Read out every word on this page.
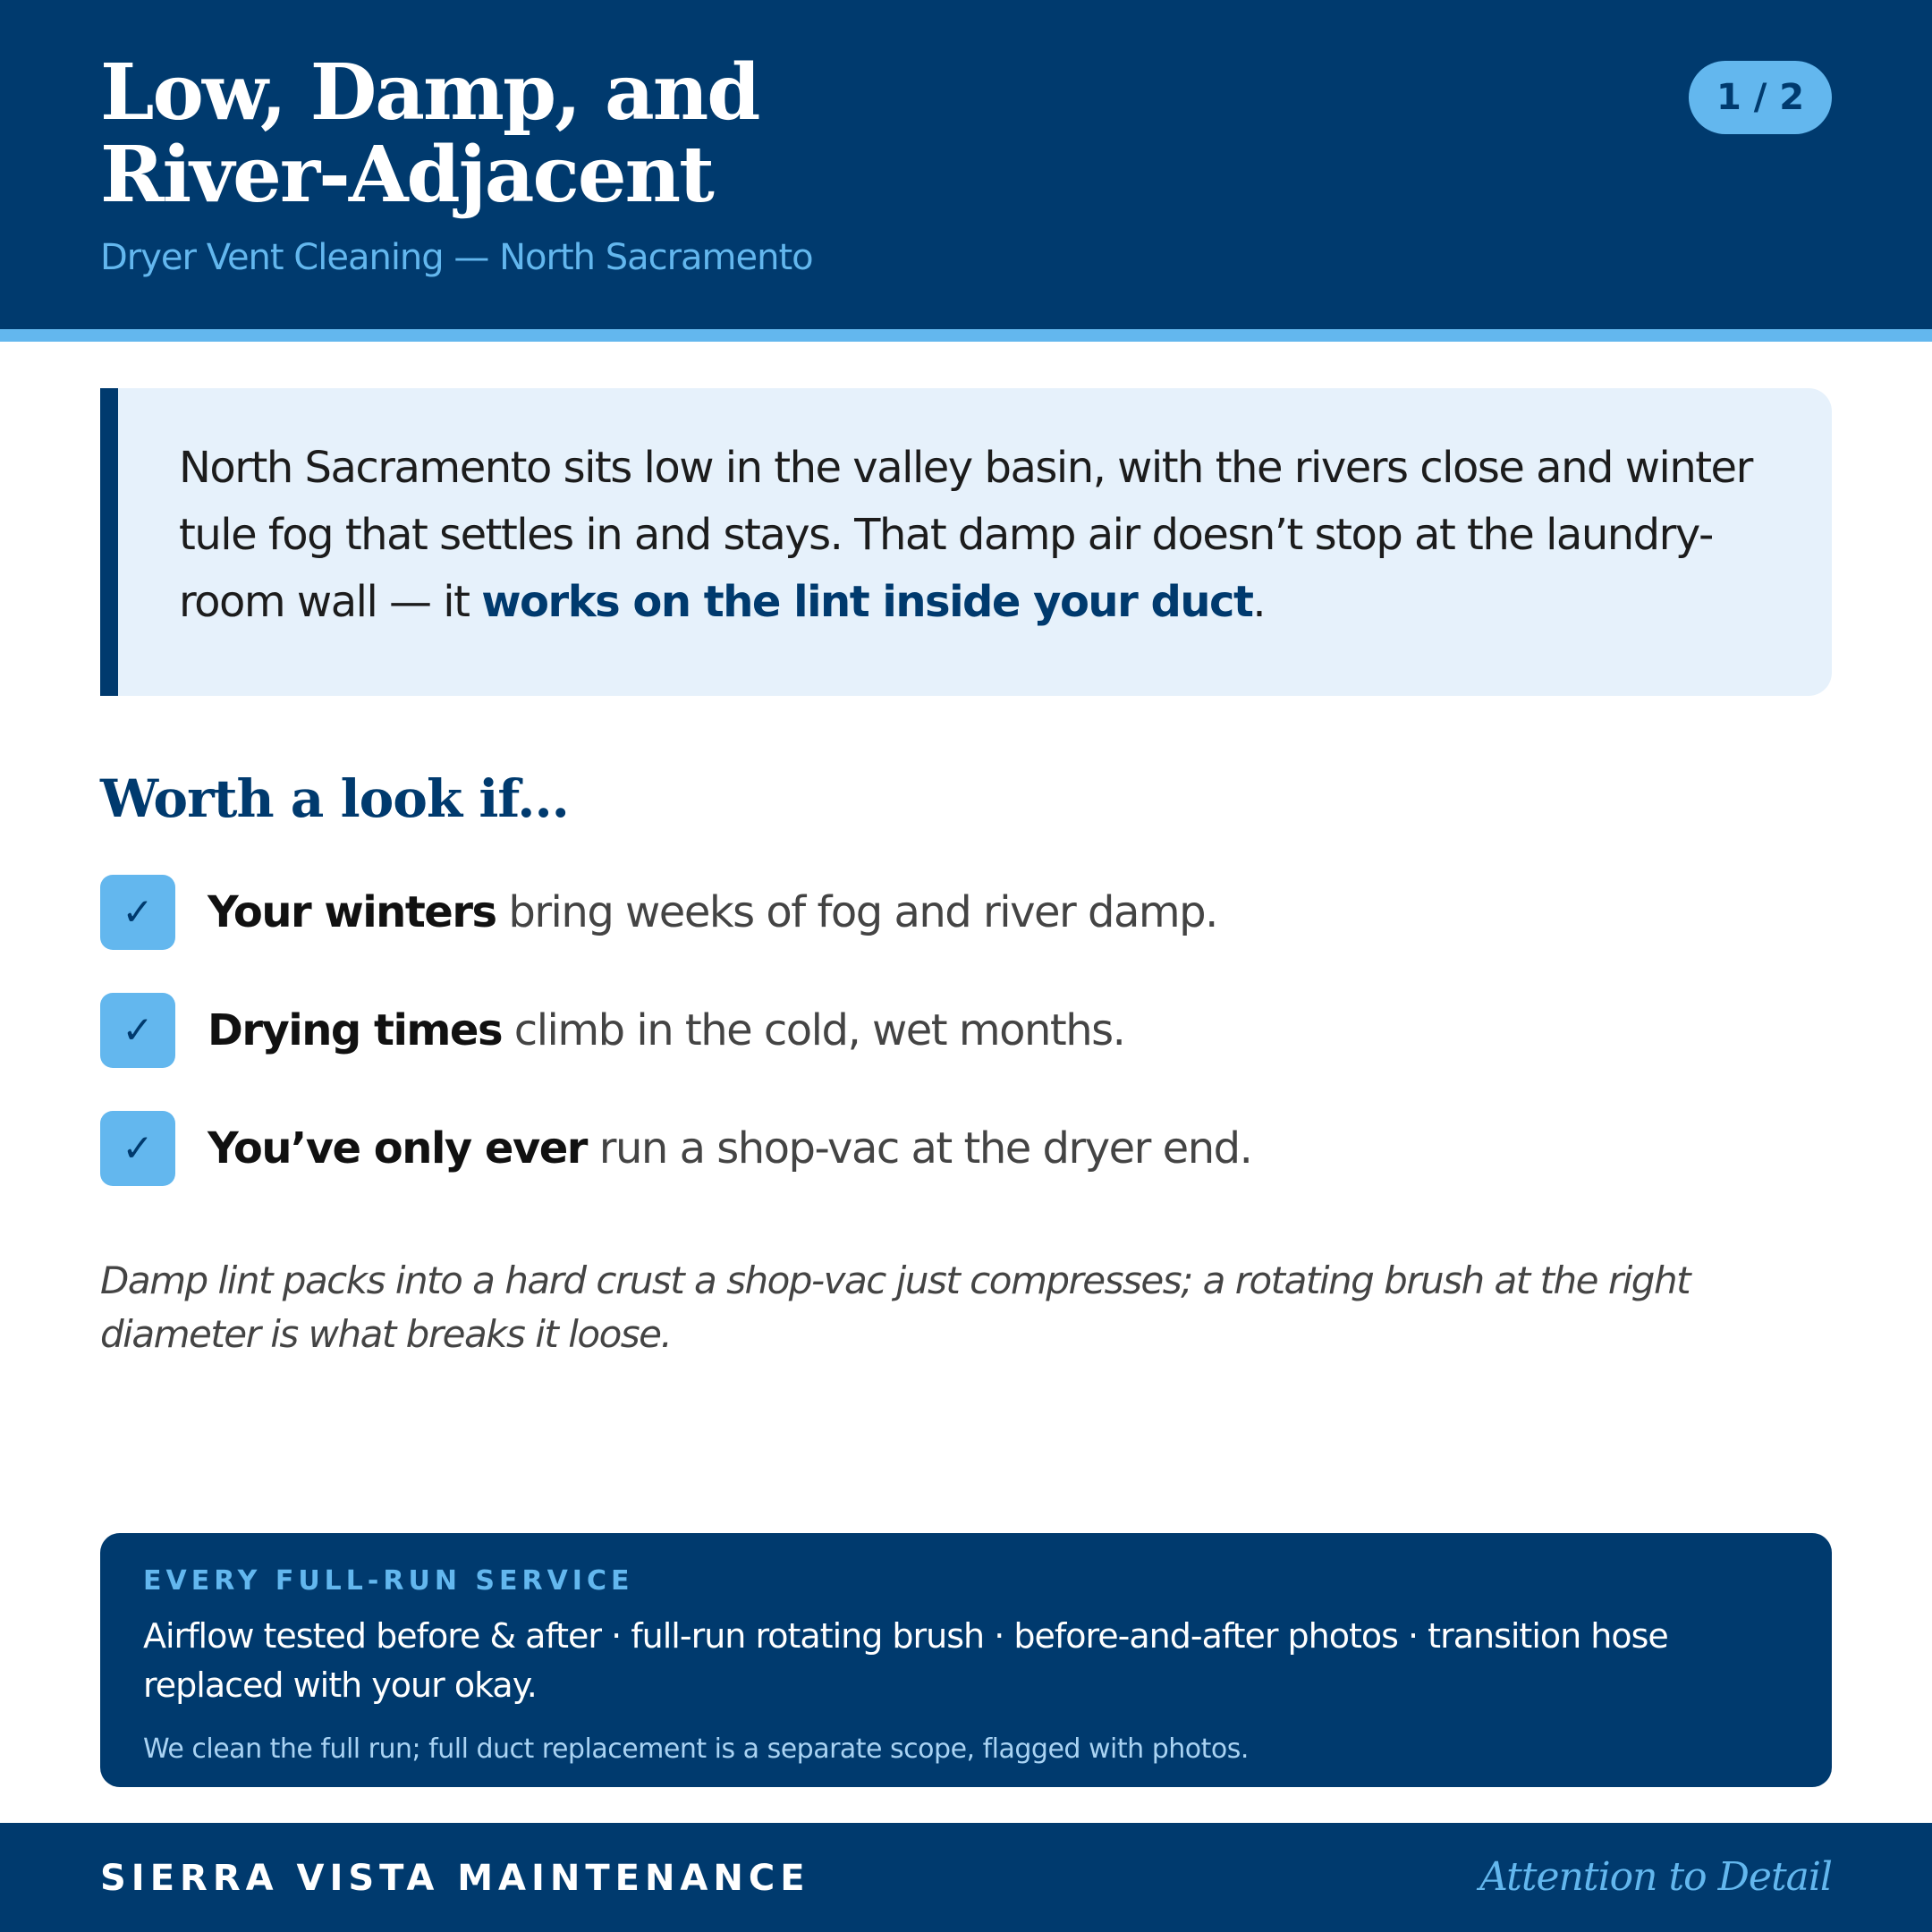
Low, Damp, and
River-Adjacent
Dryer Vent Cleaning — North Sacramento
1 / 2

North Sacramento sits low in the valley basin, with the rivers close and winter tule fog that settles in and stays. That damp air doesn’t stop at the laundry-room wall — it works on the lint inside your duct.

Worth a look if...
✓	Your winters bring weeks of fog and river damp.
✓	Drying times climb in the cold, wet months.
✓	You’ve only ever run a shop-vac at the dryer end.

Damp lint packs into a hard crust a shop-vac just compresses; a rotating brush at the right diameter is what breaks it loose.

EVERY FULL-RUN SERVICE

Airflow tested before & after · full-run rotating brush · before-and-after photos · transition hose replaced with your okay.

We clean the full run; full duct replacement is a separate scope, flagged with photos.
SIERRA VISTA MAINTENANCE	Attention to Detail
